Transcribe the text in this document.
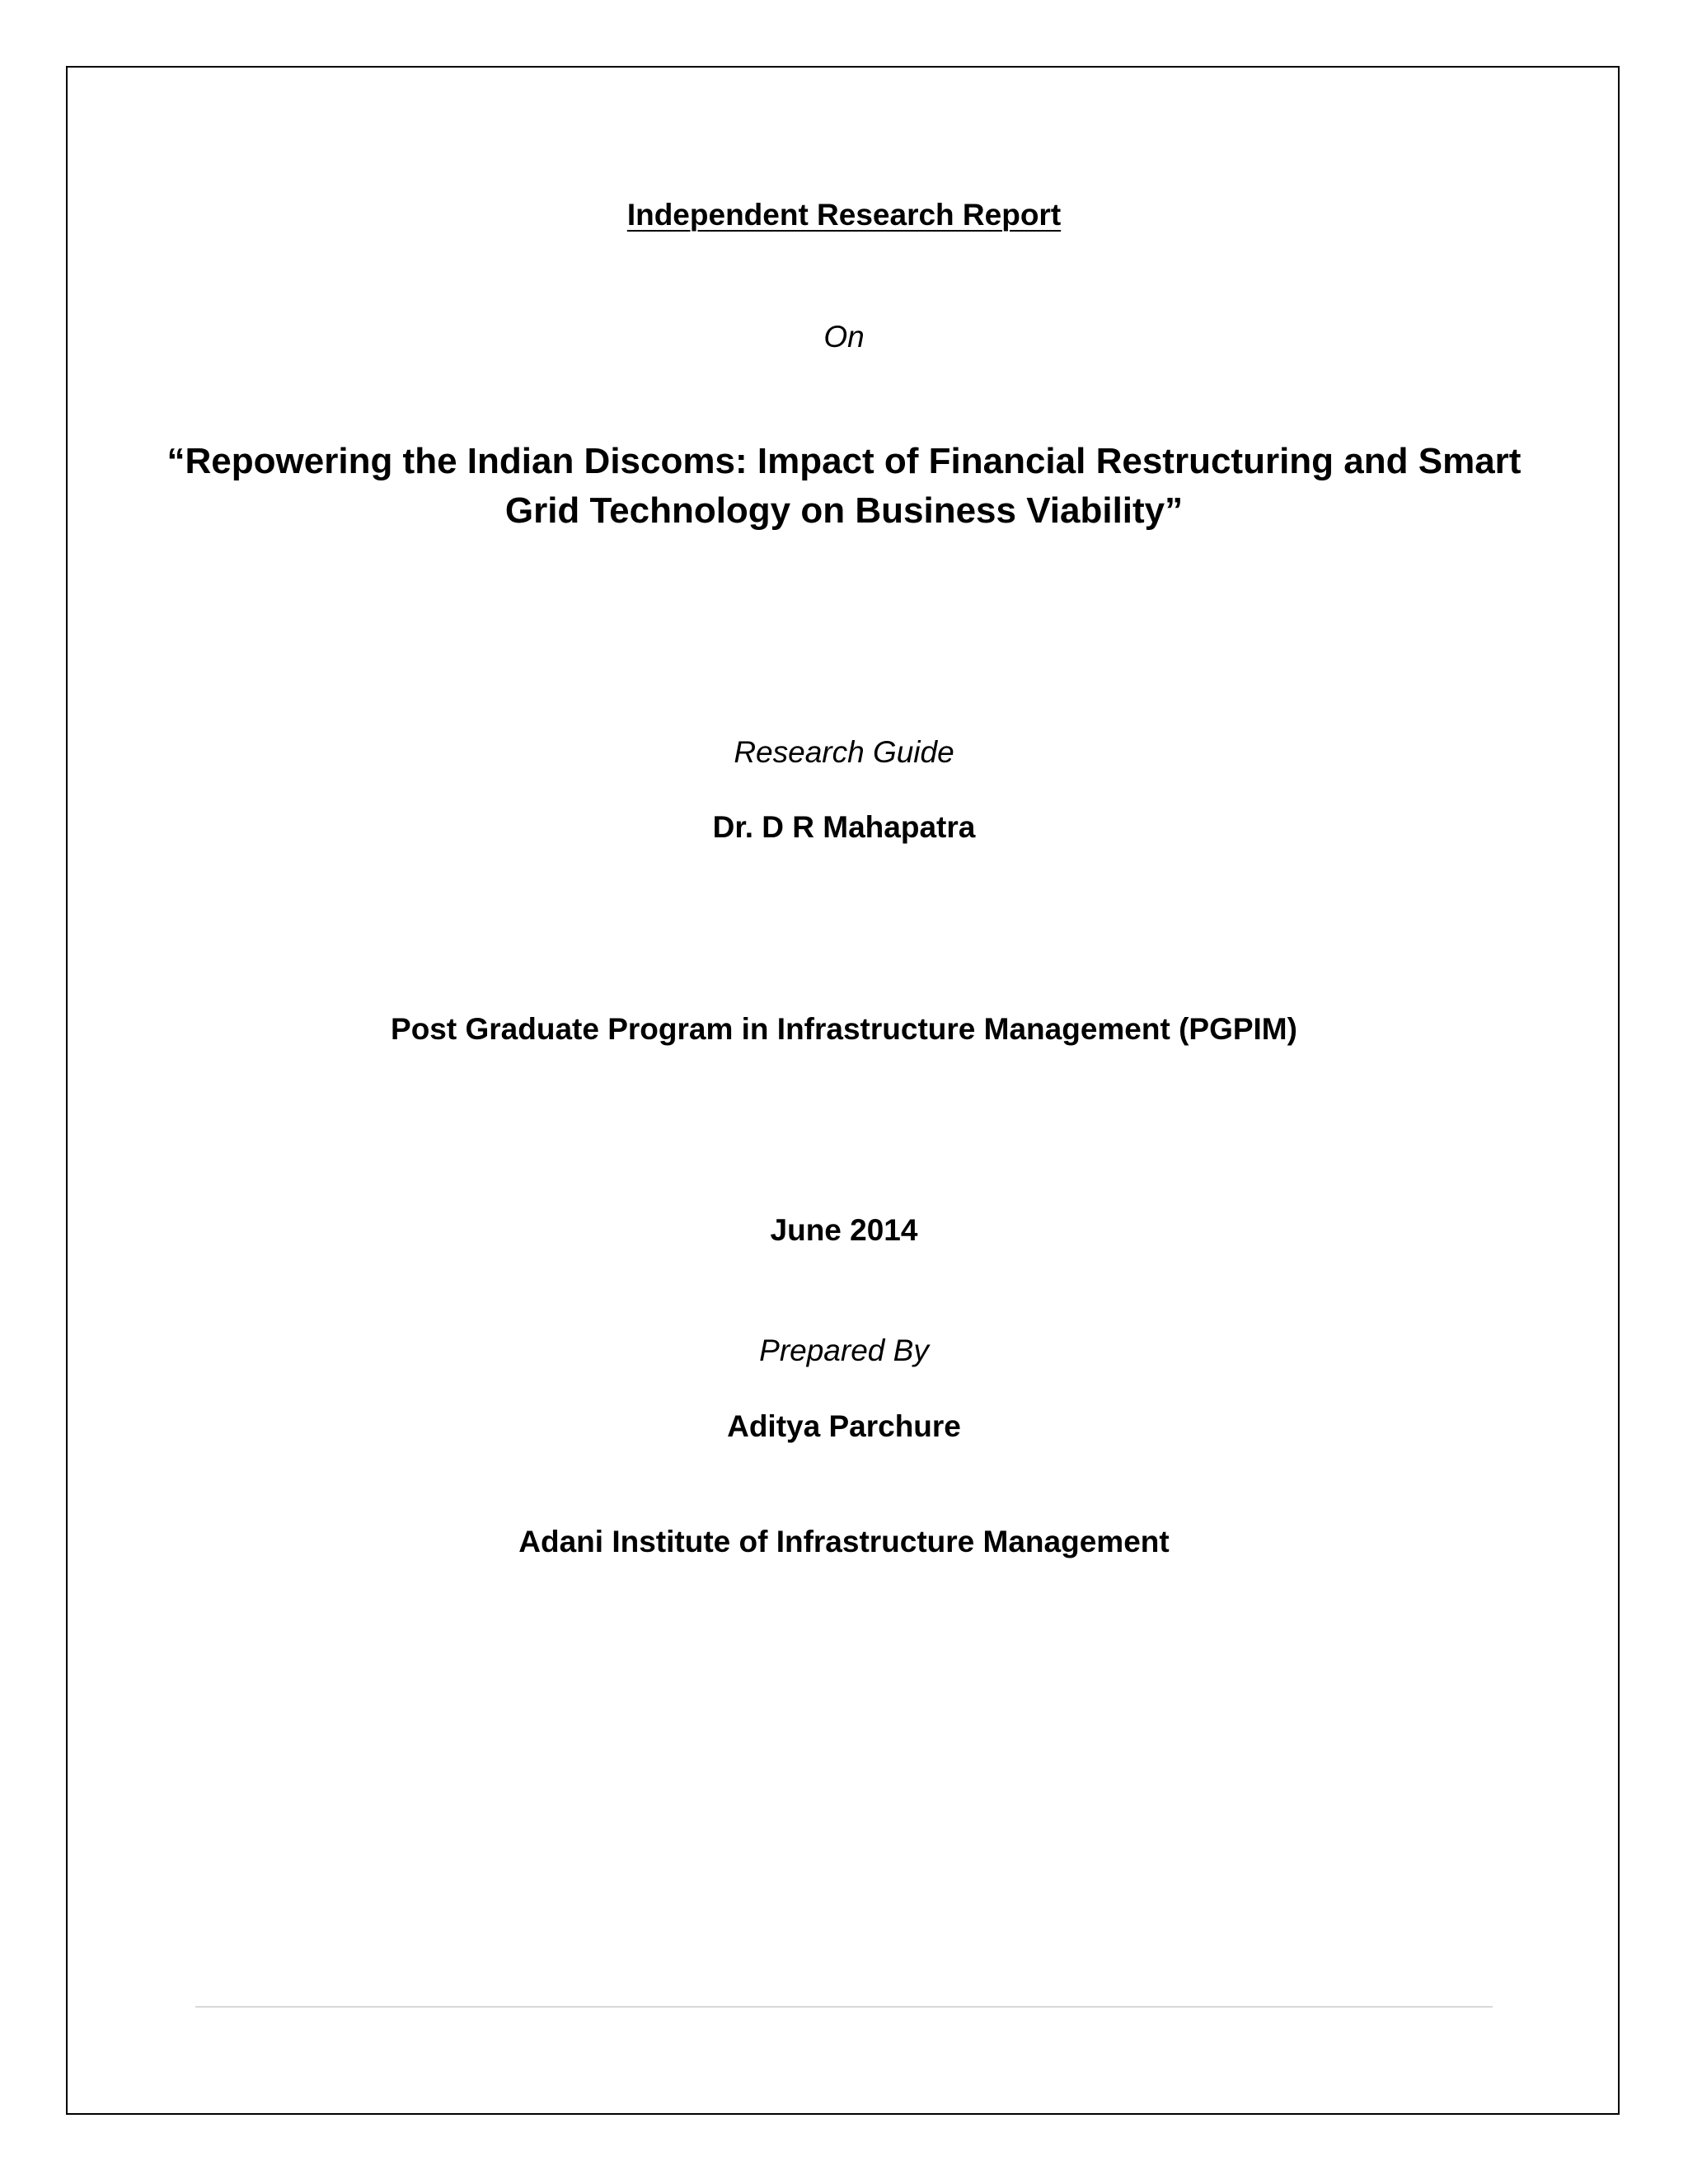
Independent Research Report
On
“Repowering the Indian Discoms: Impact of Financial Restructuring and Smart
Grid Technology on Business Viability”
Research Guide
Dr. D R Mahapatra
Post Graduate Program in Infrastructure Management (PGPIM)
June 2014
Prepared By
Aditya Parchure
Adani Institute of Infrastructure Management
